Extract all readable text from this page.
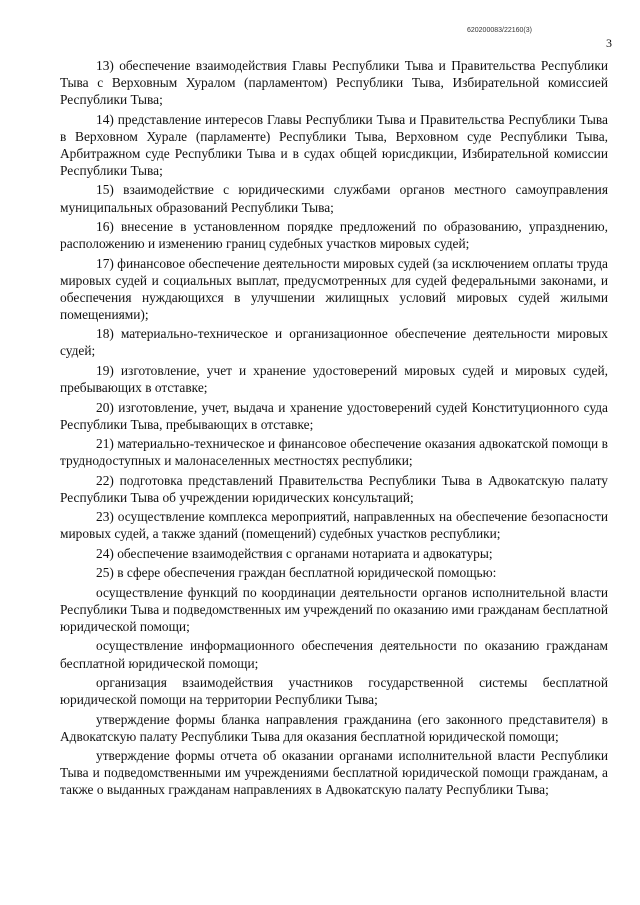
620200083/22160(3)
3

13) обеспечение взаимодействия Главы Республики Тыва и Правительства Республики Тыва с Верховным Хуралом (парламентом) Республики Тыва, Избирательной комиссией Республики Тыва;

14) представление интересов Главы Республики Тыва и Правительства Республики Тыва в Верховном Хурале (парламенте) Республики Тыва, Верховном суде Республики Тыва, Арбитражном суде Республики Тыва и в судах общей юрисдикции, Избирательной комиссии Республики Тыва;

15) взаимодействие с юридическими службами органов местного самоуправления муниципальных образований Республики Тыва;

16) внесение в установленном порядке предложений по образованию, упразднению, расположению и изменению границ судебных участков мировых судей;

17) финансовое обеспечение деятельности мировых судей (за исключением оплаты труда мировых судей и социальных выплат, предусмотренных для судей федеральными законами, и обеспечения нуждающихся в улучшении жилищных условий мировых судей жилыми помещениями);

18) материально-техническое и организационное обеспечение деятельности мировых судей;

19) изготовление, учет и хранение удостоверений мировых судей и мировых судей, пребывающих в отставке;

20) изготовление, учет, выдача и хранение удостоверений судей Конституционного суда Республики Тыва, пребывающих в отставке;

21) материально-техническое и финансовое обеспечение оказания адвокатской помощи в труднодоступных и малонаселенных местностях республики;

22) подготовка представлений Правительства Республики Тыва в Адвокатскую палату Республики Тыва об учреждении юридических консультаций;

23) осуществление комплекса мероприятий, направленных на обеспечение безопасности мировых судей, а также зданий (помещений) судебных участков республики;

24) обеспечение взаимодействия с органами нотариата и адвокатуры;

25) в сфере обеспечения граждан бесплатной юридической помощью:

осуществление функций по координации деятельности органов исполнительной власти Республики Тыва и подведомственных им учреждений по оказанию ими гражданам бесплатной юридической помощи;

осуществление информационного обеспечения деятельности по оказанию гражданам бесплатной юридической помощи;

организация взаимодействия участников государственной системы бесплатной юридической помощи на территории Республики Тыва;

утверждение формы бланка направления гражданина (его законного представителя) в Адвокатскую палату Республики Тыва для оказания бесплатной юридической помощи;

утверждение формы отчета об оказании органами исполнительной власти Республики Тыва и подведомственными им учреждениями бесплатной юридической помощи гражданам, а также о выданных гражданам направлениях в Адвокатскую палату Республики Тыва;
